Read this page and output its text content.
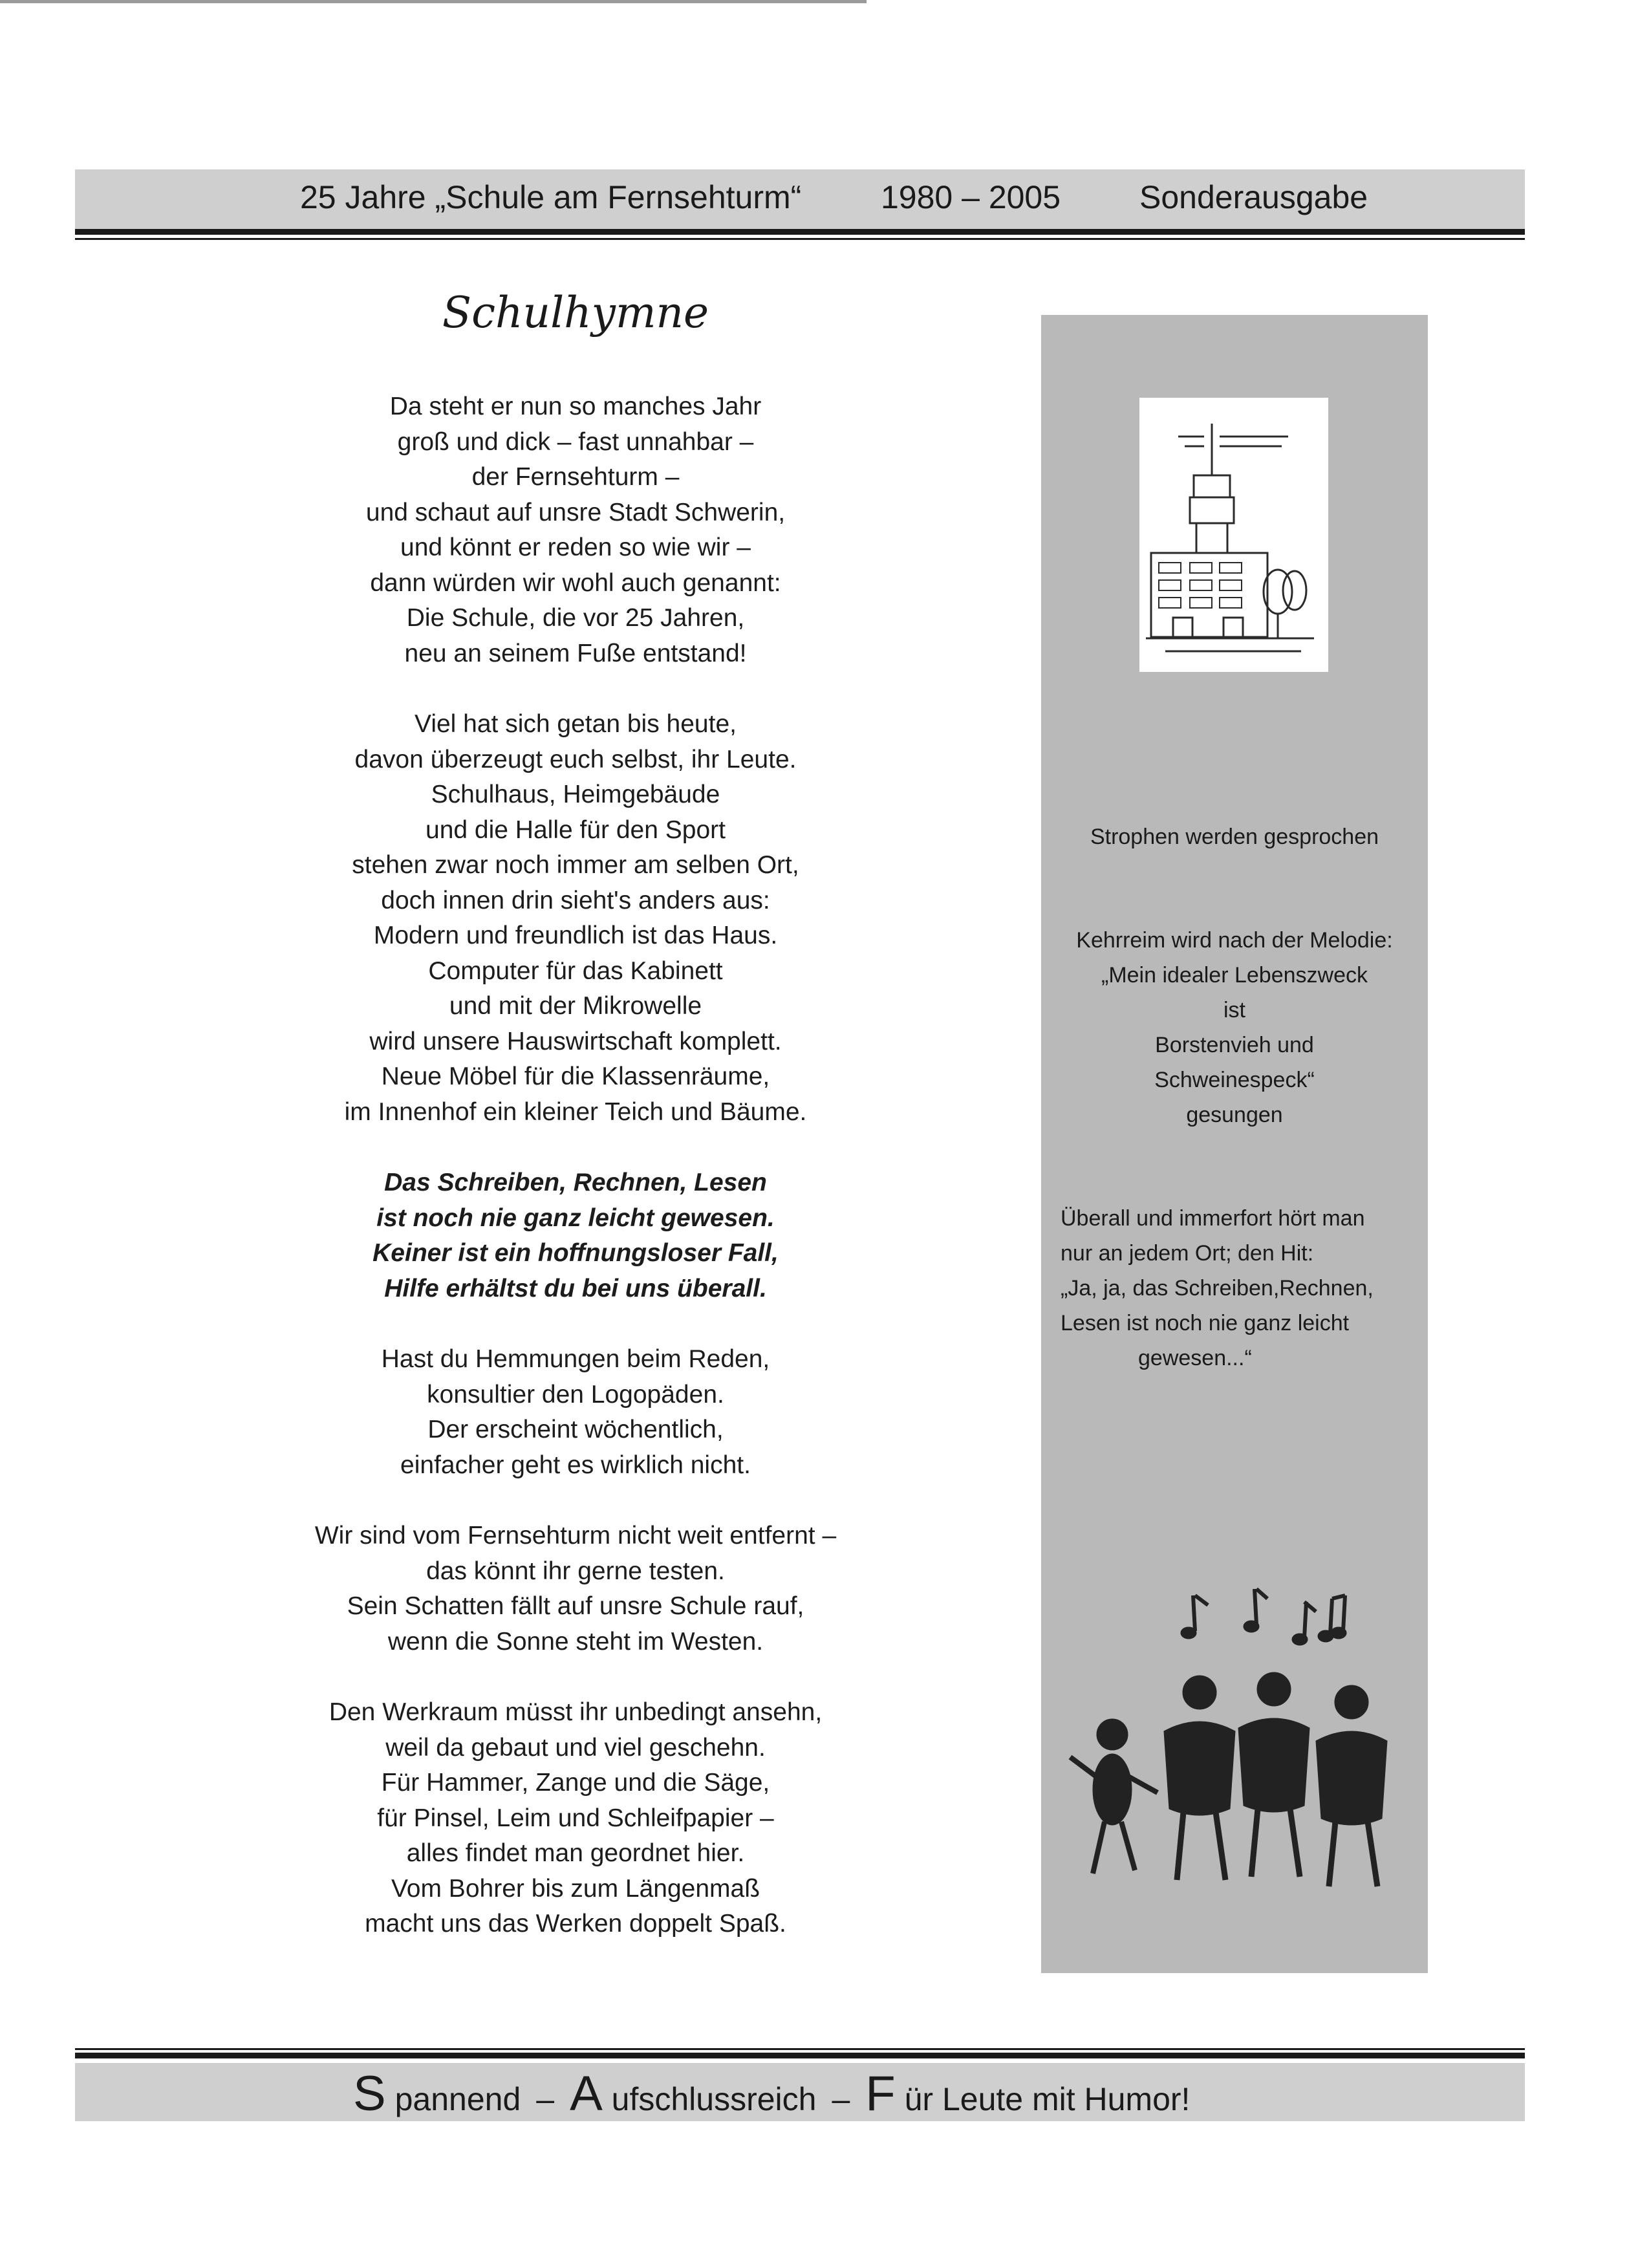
25 Jahre „Schule am Fernsehturm“ 1980 – 2005 Sonderausgabe
Schulhymne
Da steht er nun so manches Jahr
groß und dick – fast unnahbar –
der Fernsehturm –
und schaut auf unsre Stadt Schwerin,
und könnt er reden so wie wir –
dann würden wir wohl auch genannt:
Die Schule, die vor 25 Jahren,
neu an seinem Fuße entstand!
Viel hat sich getan bis heute,
davon überzeugt euch selbst, ihr Leute.
Schulhaus, Heimgebäude
und die Halle für den Sport
stehen zwar noch immer am selben Ort,
doch innen drin sieht's anders aus:
Modern und freundlich ist das Haus.
Computer für das Kabinett
und mit der Mikrowelle
wird unsere Hauswirtschaft komplett.
Neue Möbel für die Klassenräume,
im Innenhof ein kleiner Teich und Bäume.
Das Schreiben, Rechnen, Lesen
ist noch nie ganz leicht gewesen.
Keiner ist ein hoffnungsloser Fall,
Hilfe erhältst du bei uns überall.
Hast du Hemmungen beim Reden,
konsultier den Logopäden.
Der erscheint wöchentlich,
einfacher geht es wirklich nicht.
Wir sind vom Fernsehturm nicht weit entfernt –
das könnt ihr gerne testen.
Sein Schatten fällt auf unsre Schule rauf,
wenn die Sonne steht im Westen.
Den Werkraum müsst ihr unbedingt ansehn,
weil da gebaut und viel geschehn.
Für Hammer, Zange und die Säge,
für Pinsel, Leim und Schleifpapier –
alles findet man geordnet hier.
Vom Bohrer bis zum Längenmaß
macht uns das Werken doppelt Spaß.
Strophen werden gesprochen
Kehrreim wird nach der Melodie:
„Mein idealer Lebenszweck
ist
Borstenvieh und
Schweinespeck“
gesungen
Überall und immerfort hört man
nur an jedem Ort; den Hit:
„Ja, ja, das Schreiben,Rechnen,
Lesen ist noch nie ganz leicht
gewesen...“
S pannend – A ufschlussreich – F ür Leute mit Humor!
